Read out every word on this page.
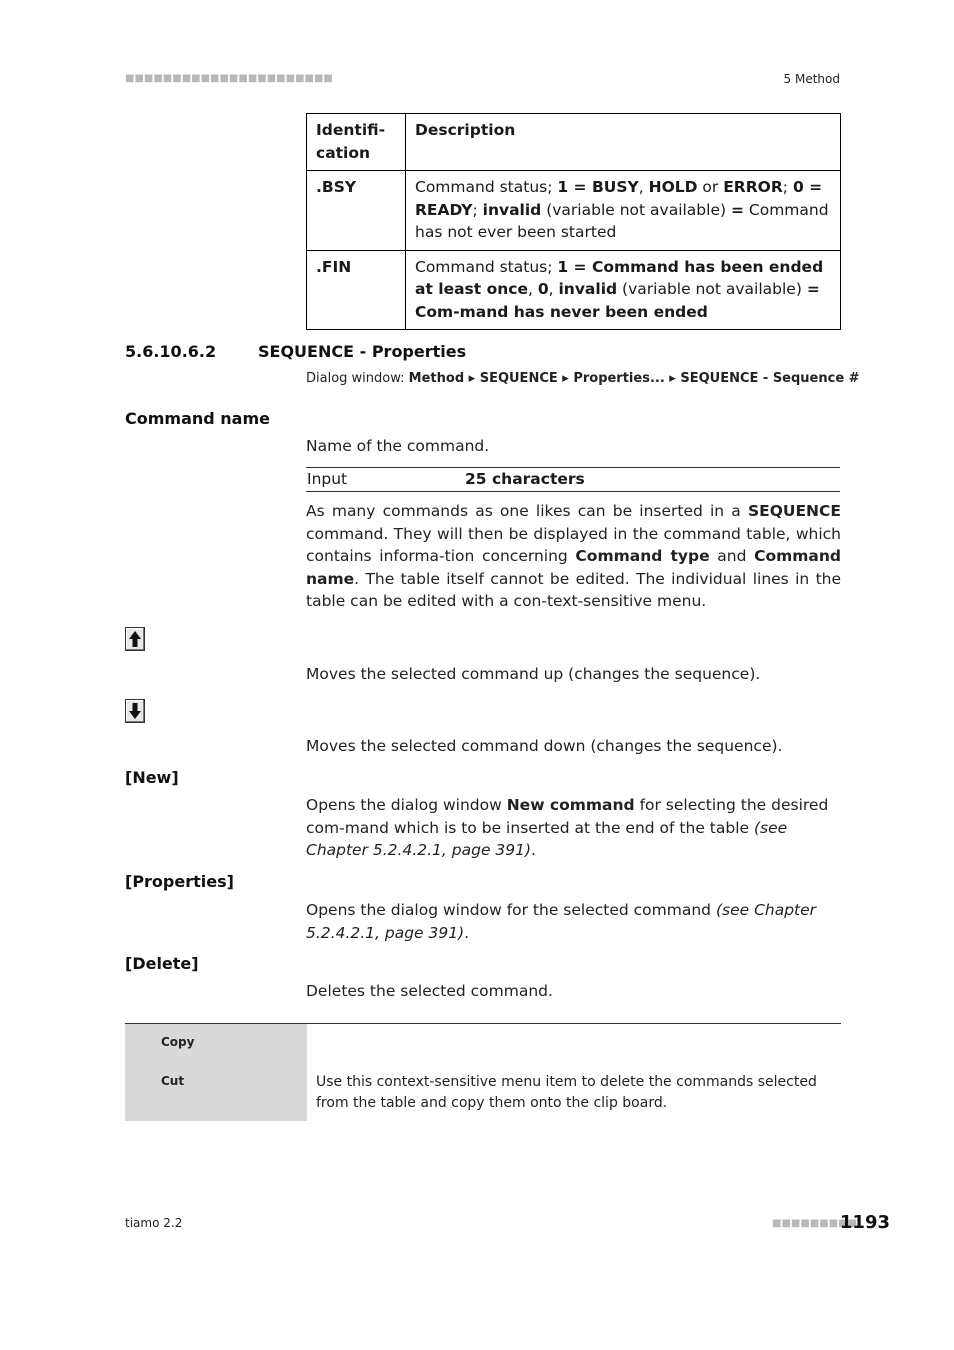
■■■■■■■■■■■■■■■■■■■■■■	5 Method
Identifi-
cation	Description
.BSY	Command status; 1 = BUSY, HOLD or ERROR; 0 = READY; invalid (variable not available) = Command has not ever been started
.FIN	Command status; 1 = Command has been ended at least once, 0, invalid (variable not available) = Com-mand has never been ended
5.6.10.6.2	SEQUENCE - Properties
Dialog window: Method ▸ SEQUENCE ▸ Properties... ▸ SEQUENCE - Sequence #
Command name
Name of the command.
Input	25 characters
As many commands as one likes can be inserted in a SEQUENCE command. They will then be displayed in the command table, which contains informa-tion concerning Command type and Command name. The table itself cannot be edited. The individual lines in the table can be edited with a con-text-sensitive menu.
Moves the selected command up (changes the sequence).
Moves the selected command down (changes the sequence).
[New]
Opens the dialog window New command for selecting the desired com-mand which is to be inserted at the end of the table (see Chapter 5.2.4.2.1, page 391).
[Properties]
Opens the dialog window for the selected command (see Chapter 5.2.4.2.1, page 391).
[Delete]
Deletes the selected command.
Copy
Cut	Use this context-sensitive menu item to delete the commands selected from the table and copy them onto the clip board.
tiamo 2.2	■■■■■■■■■
1193
